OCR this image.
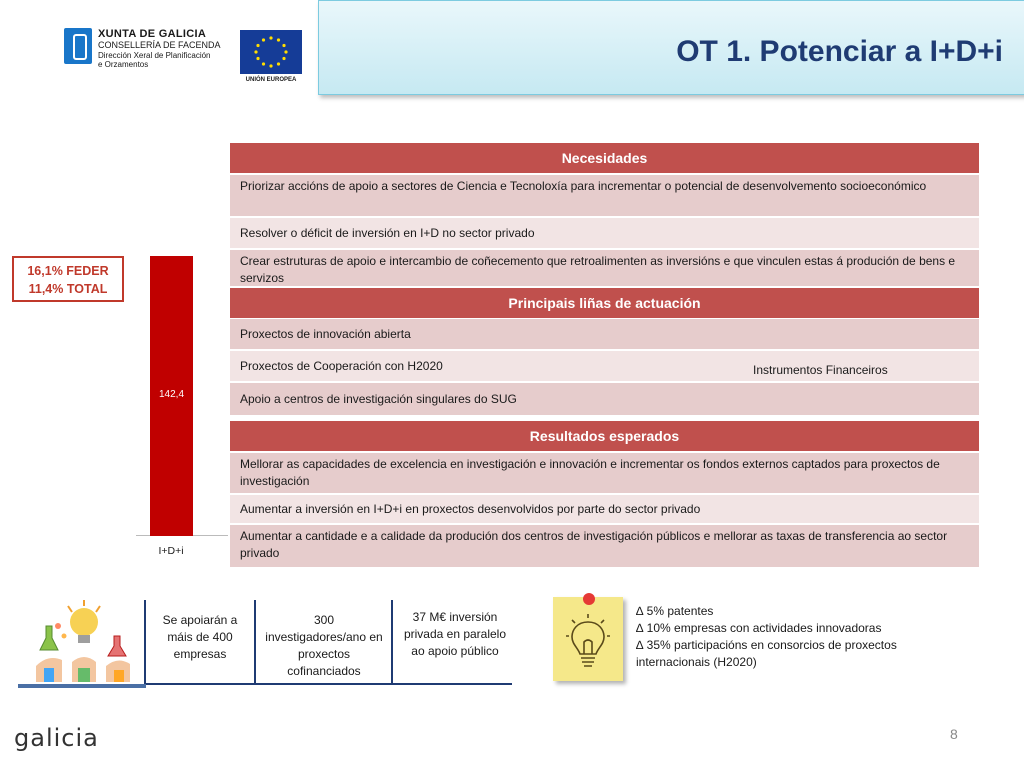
XUNTA DE GALICIA
CONSELLERÍA DE FACENDA
Dirección Xeral de Planificación
e Orzamentos
UNIÓN EUROPEA
OT 1. Potenciar a I+D+i
16,1% FEDER
11,4% TOTAL
142,4
I+D+i
Necesidades
Priorizar accións de apoio a sectores de Ciencia e Tecnoloxía para incrementar o potencial de desenvolvemento socioeconómico
Resolver o déficit de inversión en I+D no sector privado
Crear estruturas de apoio e intercambio de coñecemento que retroalimenten as inversións e que vinculen estas á produción de bens e servizos
Principais liñas de actuación
Proxectos de innovación abierta
Proxectos de Cooperación con H2020	Instrumentos Financeiros
Apoio a centros de investigación singulares do SUG
Resultados esperados
Mellorar as capacidades de excelencia en investigación e innovación e incrementar os fondos externos captados para proxectos de investigación
Aumentar a inversión en I+D+i en proxectos desenvolvidos por parte do sector privado
Aumentar a cantidade e a calidade da produción dos centros de investigación públicos e mellorar as taxas de transferencia ao sector privado
Se apoiarán a máis de 400 empresas
300 investigadores/ano en proxectos cofinanciados
37 M€ inversión privada en paralelo ao apoio público
∆ 5% patentes
∆ 10% empresas con actividades innovadoras
∆ 35% participacións en consorcios de proxectos internacionais (H2020)
galicia	8
